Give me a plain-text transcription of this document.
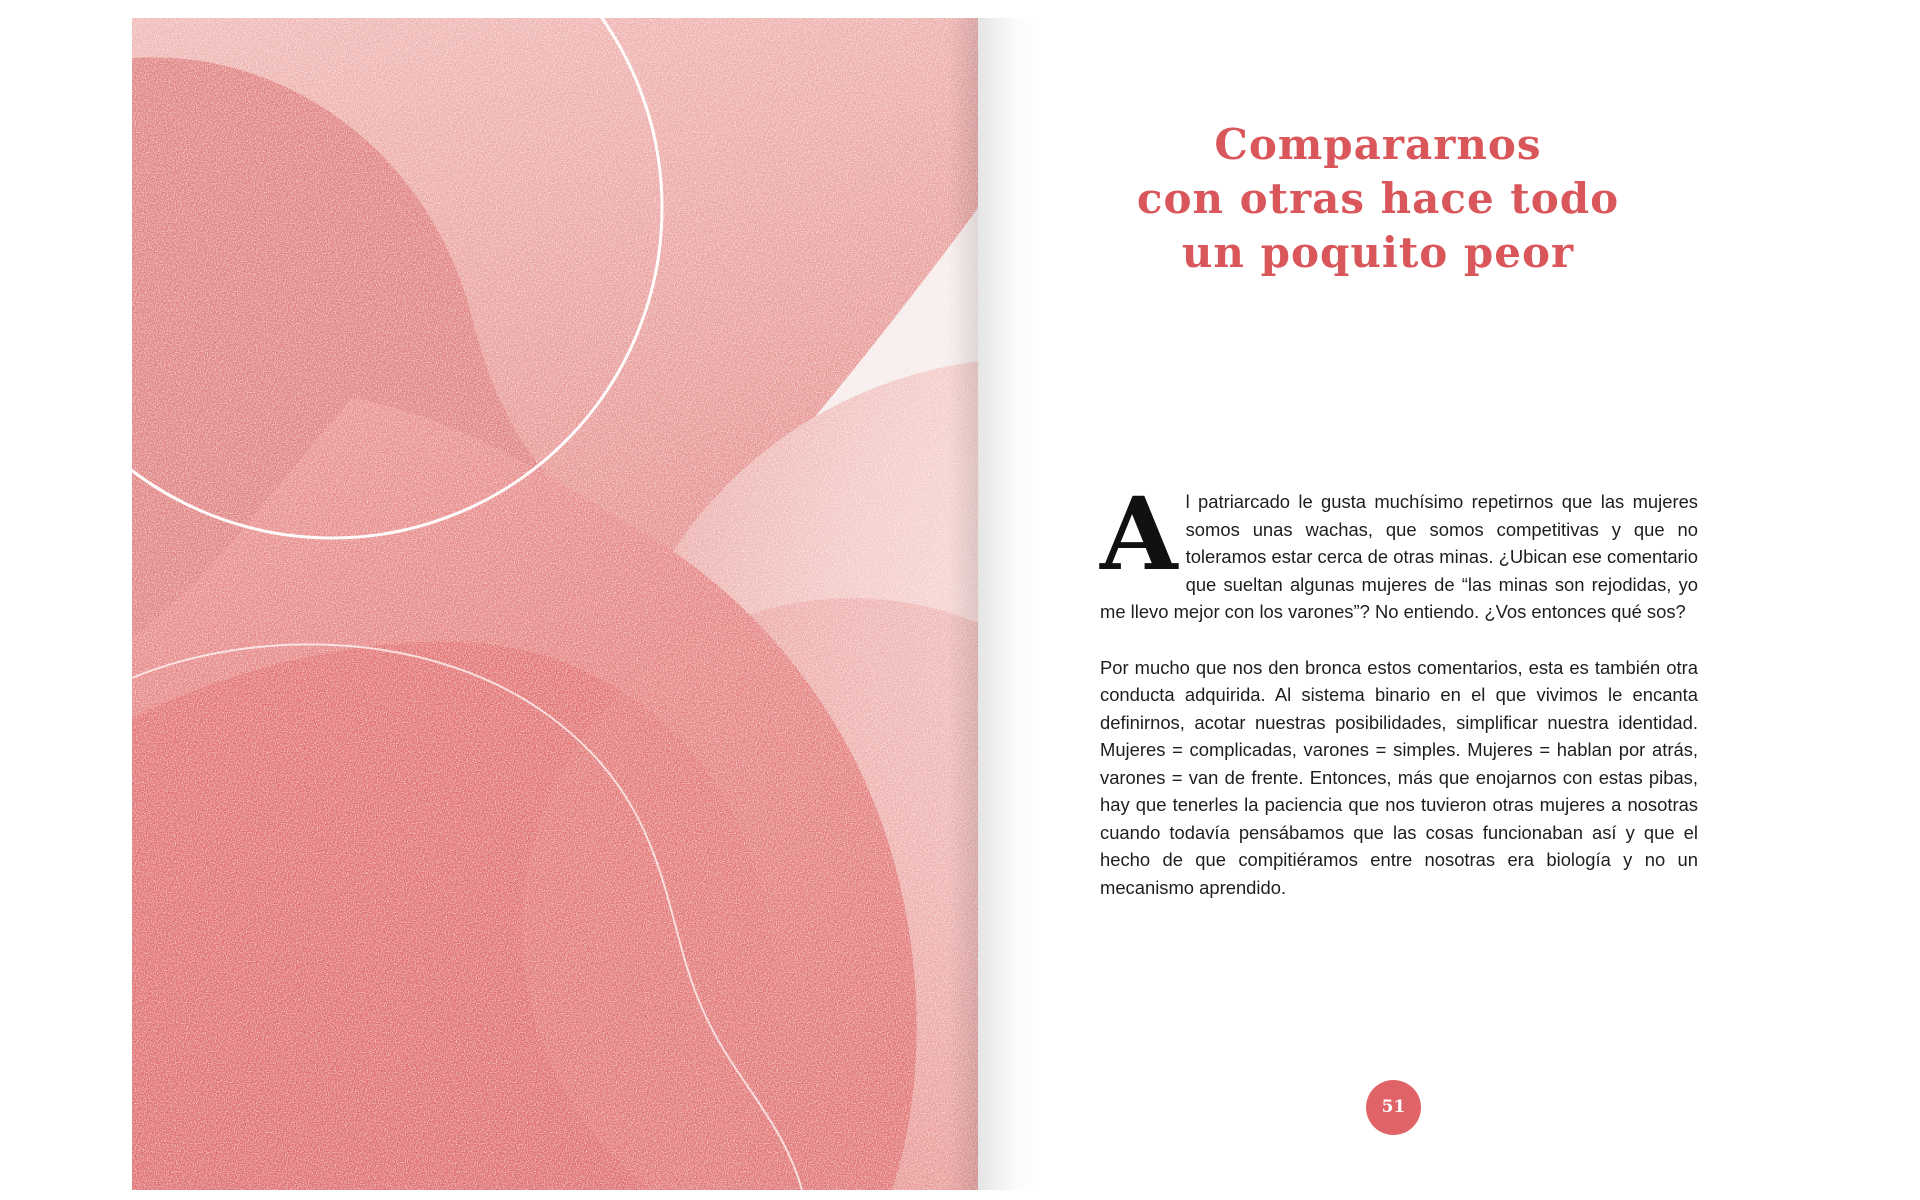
Compararnos
con otras hace todo
un poquito peor

Al patriarcado le gusta muchísimo repetirnos que las mujeres somos unas wachas, que somos competitivas y que no toleramos estar cerca de otras minas. ¿Ubican ese comentario que sueltan algunas mujeres de “las minas son rejodidas, yo me llevo mejor con los varones”? No entiendo. ¿Vos entonces qué sos?

Por mucho que nos den bronca estos comentarios, esta es también otra conducta adquirida. Al sistema binario en el que vivimos le encanta definirnos, acotar nuestras posibilidades, simplificar nuestra identidad. Mujeres = complicadas, varones = simples. Mujeres = hablan por atrás, varones = van de frente. Entonces, más que enojarnos con estas pibas, hay que tenerles la paciencia que nos tuvieron otras mujeres a nosotras cuando todavía pensábamos que las cosas funcionaban así y que el hecho de que compitiéramos entre nosotras era biología y no un mecanismo aprendido.

51
